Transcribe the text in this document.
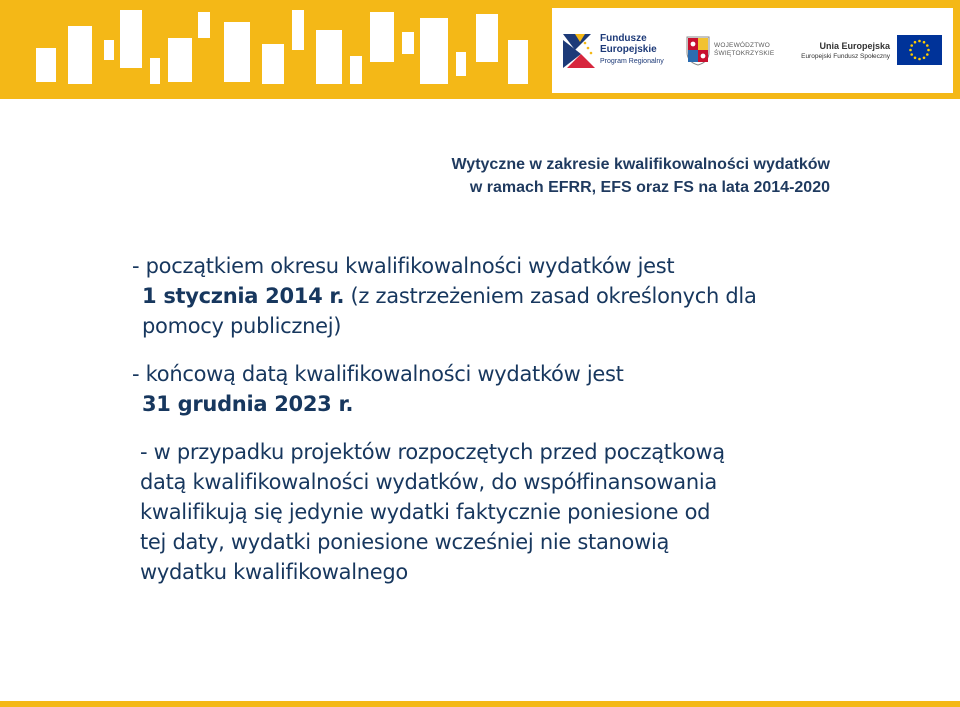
Fundusze
Europejskie
Program Regionalny
WOJEWÓDZTWO
ŚWIĘTOKRZYSKIE
Unia Europejska
Europejski Fundusz Społeczny
Wytyczne w zakresie kwalifikowalności wydatków
w ramach EFRR, EFS oraz FS na lata 2014-2020

- początkiem okresu kwalifikowalności wydatków jest
1 stycznia 2014 r. (z zastrzeżeniem zasad określonych dla
pomocy publicznej)

- końcową datą kwalifikowalności wydatków jest
31 grudnia 2023 r.

- w przypadku projektów rozpoczętych przed początkową
datą kwalifikowalności wydatków, do współfinansowania
kwalifikują się jedynie wydatki faktycznie poniesione od
tej daty, wydatki poniesione wcześniej nie stanowią
wydatku kwalifikowalnego
